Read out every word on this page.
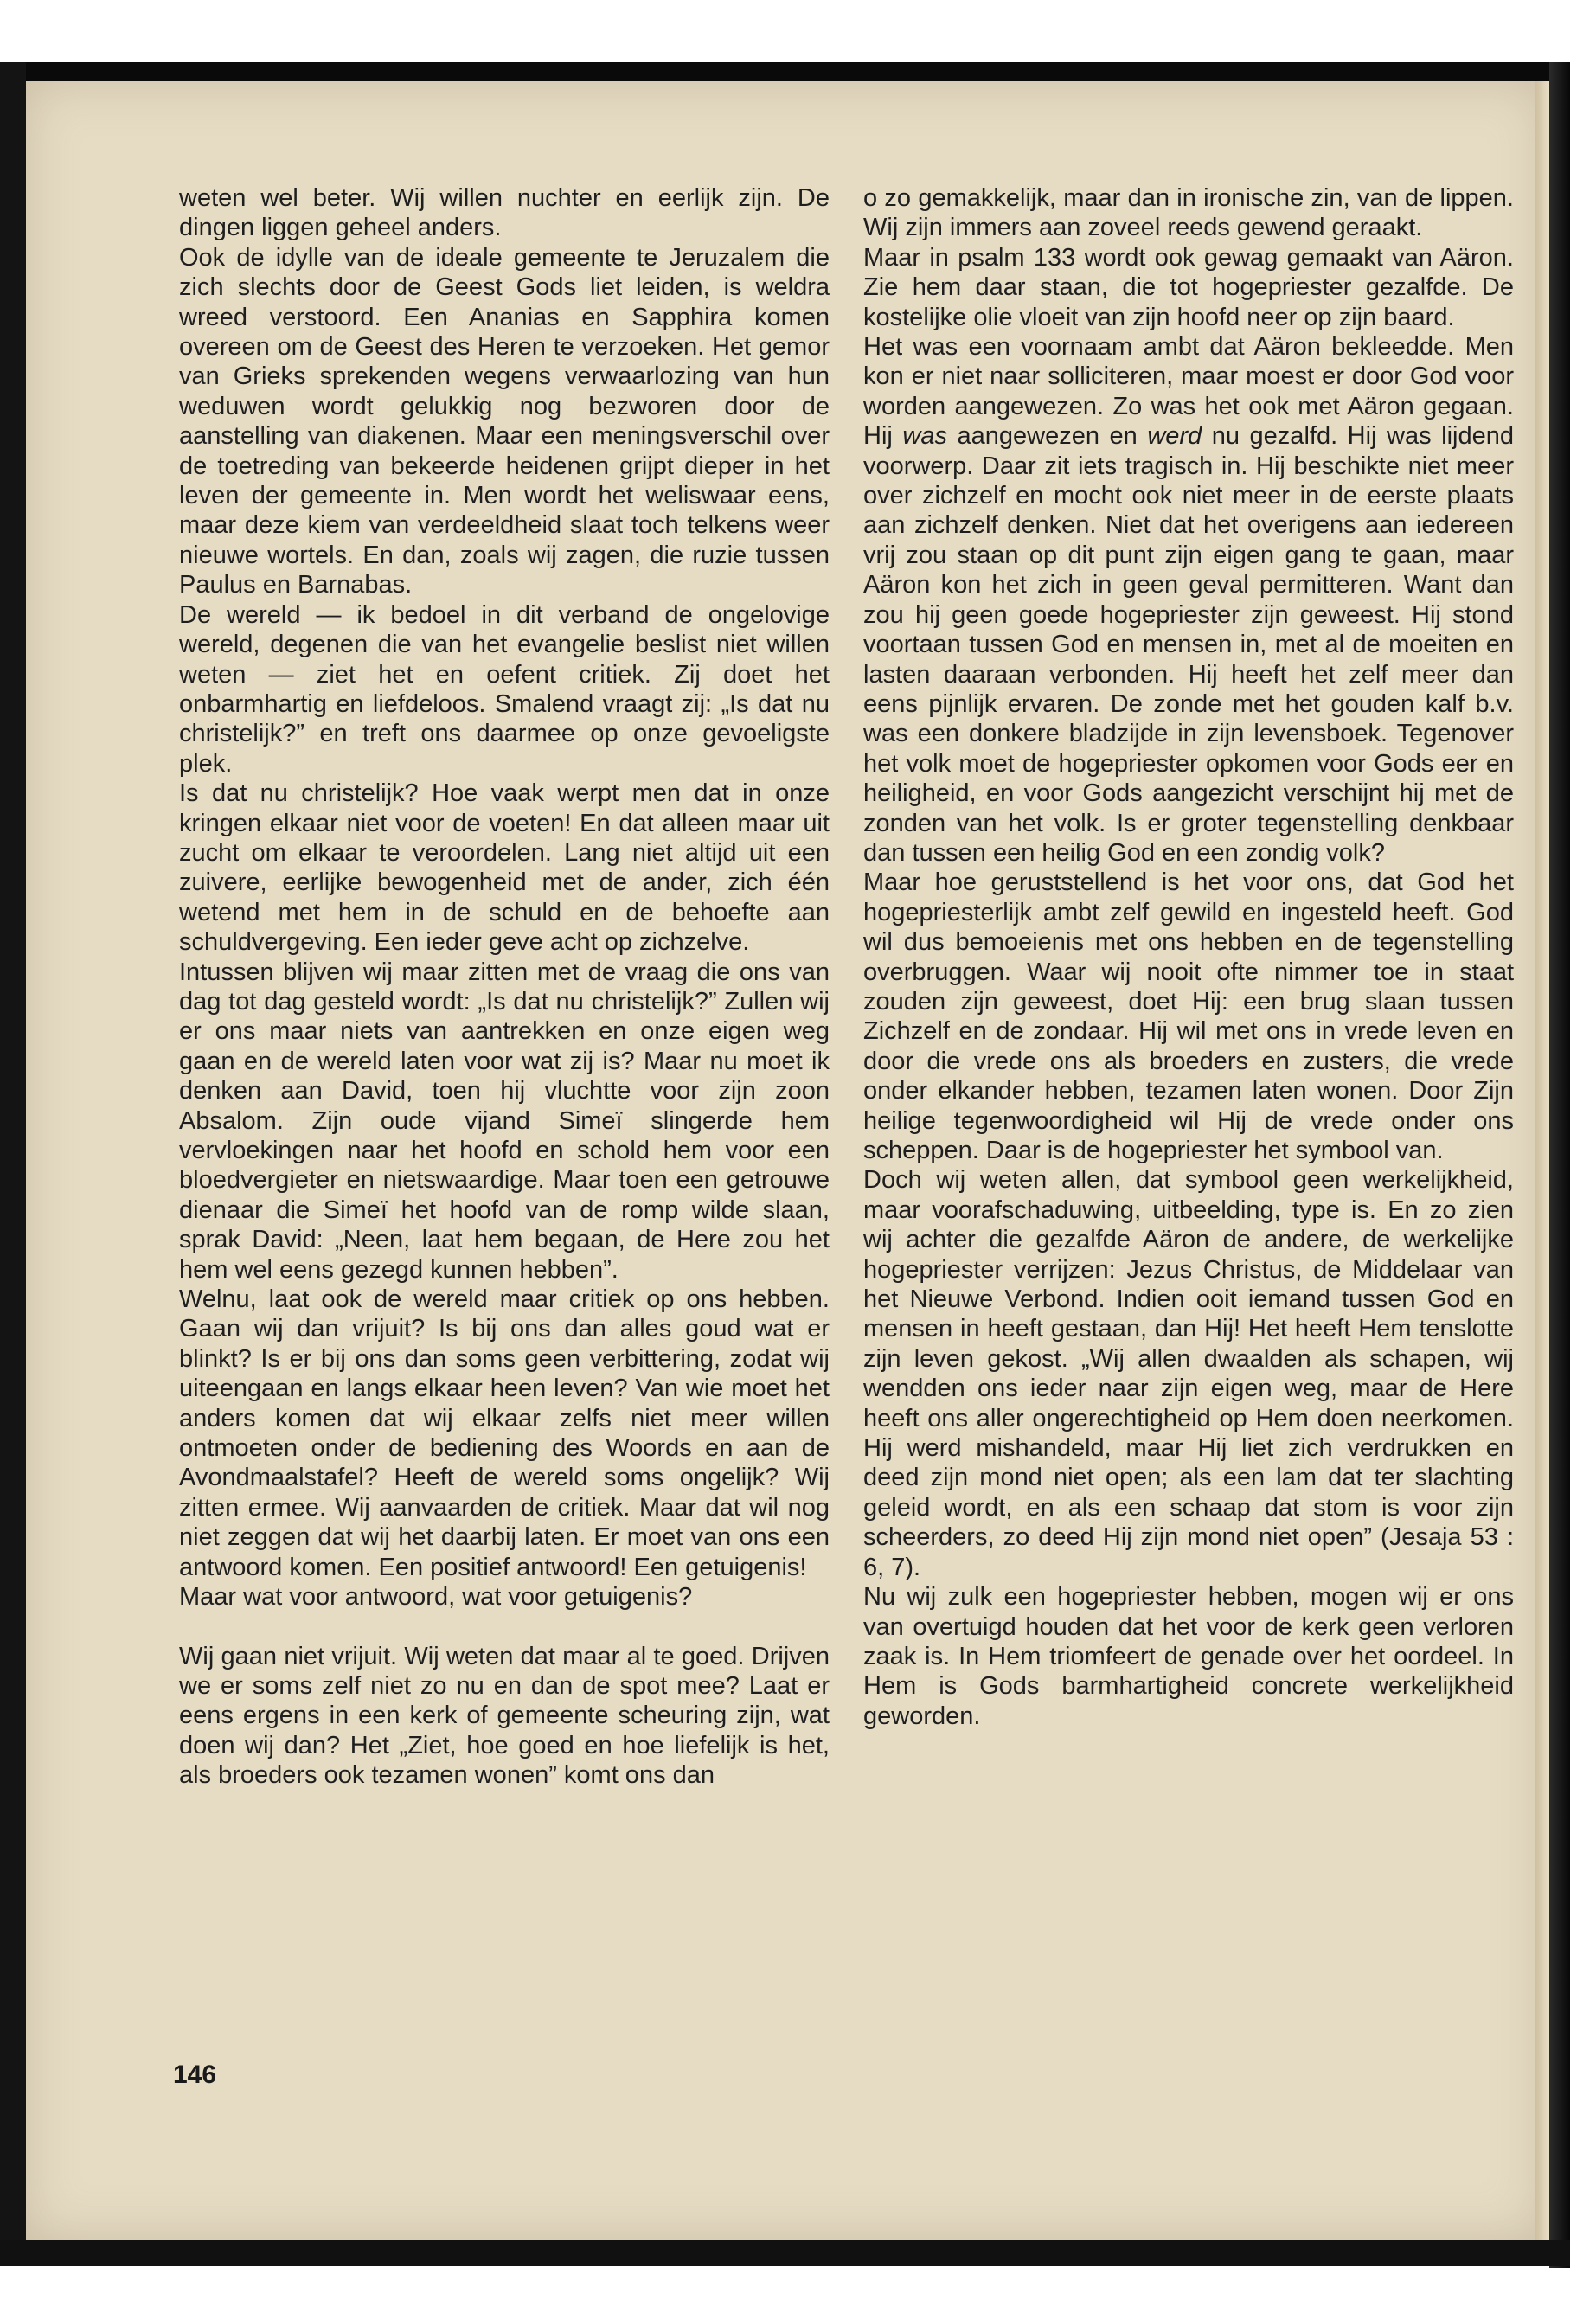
weten wel beter. Wij willen nuchter en eerlijk zijn. De dingen liggen geheel anders.

Ook de idylle van de ideale gemeente te Jeruzalem die zich slechts door de Geest Gods liet leiden, is weldra wreed verstoord. Een Ananias en Sapphira komen overeen om de Geest des Heren te verzoeken. Het gemor van Grieks sprekenden wegens verwaarlozing van hun weduwen wordt gelukkig nog bezworen door de aanstelling van diakenen. Maar een meningsverschil over de toetreding van bekeerde heidenen grijpt dieper in het leven der gemeente in. Men wordt het weliswaar eens, maar deze kiem van verdeeldheid slaat toch telkens weer nieuwe wortels. En dan, zoals wij zagen, die ruzie tussen Paulus en Barnabas.

De wereld — ik bedoel in dit verband de ongelovige wereld, degenen die van het evangelie beslist niet willen weten — ziet het en oefent critiek. Zij doet het onbarmhartig en liefdeloos. Smalend vraagt zij: „Is dat nu christelijk?” en treft ons daarmee op onze gevoeligste plek.

Is dat nu christelijk? Hoe vaak werpt men dat in onze kringen elkaar niet voor de voeten! En dat alleen maar uit zucht om elkaar te veroordelen. Lang niet altijd uit een zuivere, eerlijke bewogenheid met de ander, zich één wetend met hem in de schuld en de behoefte aan schuldvergeving. Een ieder geve acht op zichzelve.

Intussen blijven wij maar zitten met de vraag die ons van dag tot dag gesteld wordt: „Is dat nu christelijk?” Zullen wij er ons maar niets van aantrekken en onze eigen weg gaan en de wereld laten voor wat zij is? Maar nu moet ik denken aan David, toen hij vluchtte voor zijn zoon Absalom. Zijn oude vijand Simeï slingerde hem vervloekingen naar het hoofd en schold hem voor een bloedvergieter en nietswaardige. Maar toen een getrouwe dienaar die Simeï het hoofd van de romp wilde slaan, sprak David: „Neen, laat hem begaan, de Here zou het hem wel eens gezegd kunnen hebben”.

Welnu, laat ook de wereld maar critiek op ons hebben. Gaan wij dan vrijuit? Is bij ons dan alles goud wat er blinkt? Is er bij ons dan soms geen verbittering, zodat wij uiteengaan en langs elkaar heen leven? Van wie moet het anders komen dat wij elkaar zelfs niet meer willen ontmoeten onder de bediening des Woords en aan de Avondmaalstafel? Heeft de wereld soms ongelijk? Wij zitten ermee. Wij aanvaarden de critiek. Maar dat wil nog niet zeggen dat wij het daarbij laten. Er moet van ons een antwoord komen. Een positief antwoord! Een getuigenis!

Maar wat voor antwoord, wat voor getuigenis?

Wij gaan niet vrijuit. Wij weten dat maar al te goed. Drijven we er soms zelf niet zo nu en dan de spot mee? Laat er eens ergens in een kerk of gemeente scheuring zijn, wat doen wij dan? Het „Ziet, hoe goed en hoe liefelijk is het, als broeders ook tezamen wonen” komt ons dan

o zo gemakkelijk, maar dan in ironische zin, van de lippen. Wij zijn immers aan zoveel reeds gewend geraakt.

Maar in psalm 133 wordt ook gewag gemaakt van Aäron. Zie hem daar staan, die tot hogepriester gezalfde. De kostelijke olie vloeit van zijn hoofd neer op zijn baard.

Het was een voornaam ambt dat Aäron bekleedde. Men kon er niet naar solliciteren, maar moest er door God voor worden aangewezen. Zo was het ook met Aäron gegaan. Hij was aangewezen en werd nu gezalfd. Hij was lijdend voorwerp. Daar zit iets tragisch in. Hij beschikte niet meer over zichzelf en mocht ook niet meer in de eerste plaats aan zichzelf denken. Niet dat het overigens aan iedereen vrij zou staan op dit punt zijn eigen gang te gaan, maar Aäron kon het zich in geen geval permitteren. Want dan zou hij geen goede hogepriester zijn geweest. Hij stond voortaan tussen God en mensen in, met al de moeiten en lasten daaraan verbonden. Hij heeft het zelf meer dan eens pijnlijk ervaren. De zonde met het gouden kalf b.v. was een donkere bladzijde in zijn levensboek. Tegenover het volk moet de hogepriester opkomen voor Gods eer en heiligheid, en voor Gods aangezicht verschijnt hij met de zonden van het volk. Is er groter tegenstelling denkbaar dan tussen een heilig God en een zondig volk?

Maar hoe geruststellend is het voor ons, dat God het hogepriesterlijk ambt zelf gewild en ingesteld heeft. God wil dus bemoeienis met ons hebben en de tegenstelling overbruggen. Waar wij nooit ofte nimmer toe in staat zouden zijn geweest, doet Hij: een brug slaan tussen Zichzelf en de zondaar. Hij wil met ons in vrede leven en door die vrede ons als broeders en zusters, die vrede onder elkander hebben, tezamen laten wonen. Door Zijn heilige tegenwoordigheid wil Hij de vrede onder ons scheppen. Daar is de hogepriester het symbool van.

Doch wij weten allen, dat symbool geen werkelijkheid, maar voorafschaduwing, uitbeelding, type is. En zo zien wij achter die gezalfde Aäron de andere, de werkelijke hogepriester verrijzen: Jezus Christus, de Middelaar van het Nieuwe Verbond. Indien ooit iemand tussen God en mensen in heeft gestaan, dan Hij! Het heeft Hem tenslotte zijn leven gekost. „Wij allen dwaalden als schapen, wij wendden ons ieder naar zijn eigen weg, maar de Here heeft ons aller ongerechtigheid op Hem doen neerkomen. Hij werd mishandeld, maar Hij liet zich verdrukken en deed zijn mond niet open; als een lam dat ter slachting geleid wordt, en als een schaap dat stom is voor zijn scheerders, zo deed Hij zijn mond niet open” (Jesaja 53 : 6, 7).

Nu wij zulk een hogepriester hebben, mogen wij er ons van overtuigd houden dat het voor de kerk geen verloren zaak is. In Hem triomfeert de genade over het oordeel. In Hem is Gods barmhartigheid concrete werkelijkheid geworden.

146
